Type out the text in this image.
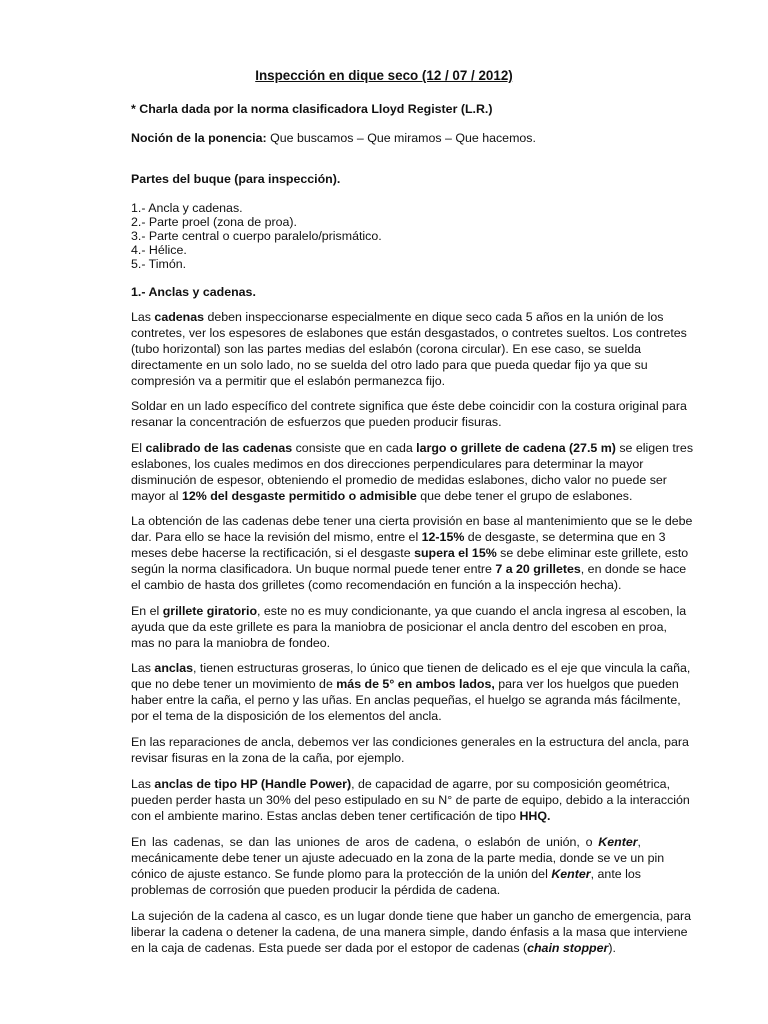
Inspección en dique seco (12 / 07 / 2012)

* Charla dada por la norma clasificadora Lloyd Register (L.R.)

Noción de la ponencia: Que buscamos – Que miramos – Que hacemos.

Partes del buque (para inspección).

1.- Ancla y cadenas.

2.- Parte proel (zona de proa).

3.- Parte central o cuerpo paralelo/prismático.

4.- Hélice.

5.- Timón.

1.- Anclas y cadenas.

Las cadenas deben inspeccionarse especialmente en dique seco cada 5 años en la unión de los

contretes, ver los espesores de eslabones que están desgastados, o contretes sueltos. Los contretes

(tubo horizontal) son las partes medias del eslabón (corona circular). En ese caso, se suelda

directamente en un solo lado, no se suelda del otro lado para que pueda quedar fijo ya que su

compresión va a permitir que el eslabón permanezca fijo.

Soldar en un lado específico del contrete significa que éste debe coincidir con la costura original para

resanar la concentración de esfuerzos que pueden producir fisuras.

El calibrado de las cadenas consiste que en cada largo o grillete de cadena (27.5 m) se eligen tres

eslabones, los cuales medimos en dos direcciones perpendiculares para determinar la mayor

disminución de espesor, obteniendo el promedio de medidas eslabones, dicho valor no puede ser

mayor al 12% del desgaste permitido o admisible que debe tener el grupo de eslabones.

La obtención de las cadenas debe tener una cierta provisión en base al mantenimiento que se le debe

dar. Para ello se hace la revisión del mismo, entre el 12-15% de desgaste, se determina que en 3

meses debe hacerse la rectificación, si el desgaste supera el 15% se debe eliminar este grillete, esto

según la norma clasificadora. Un buque normal puede tener entre 7 a 20 grilletes, en donde se hace

el cambio de hasta dos grilletes (como recomendación en función a la inspección hecha).

En el grillete giratorio, este no es muy condicionante, ya que cuando el ancla ingresa al escoben, la

ayuda que da este grillete es para la maniobra de posicionar el ancla dentro del escoben en proa,

mas no para la maniobra de fondeo.

Las anclas, tienen estructuras groseras, lo único que tienen de delicado es el eje que vincula la caña,

que no debe tener un movimiento de más de 5° en ambos lados, para ver los huelgos que pueden

haber entre la caña, el perno y las uñas. En anclas pequeñas, el huelgo se agranda más fácilmente,

por el tema de la disposición de los elementos del ancla.

En las reparaciones de ancla, debemos ver las condiciones generales en la estructura del ancla, para

revisar fisuras en la zona de la caña, por ejemplo.

Las anclas de tipo HP (Handle Power), de capacidad de agarre, por su composición geométrica,

pueden perder hasta un 30% del peso estipulado en su N° de parte de equipo, debido a la interacción

con el ambiente marino. Estas anclas deben tener certificación de tipo HHQ.

En las cadenas, se dan las uniones de aros de cadena, o eslabón de unión, o Kenter,

mecánicamente debe tener un ajuste adecuado en la zona de la parte media, donde se ve un pin

cónico de ajuste estanco. Se funde plomo para la protección de la unión del Kenter, ante los

problemas de corrosión que pueden producir la pérdida de cadena.

La sujeción de la cadena al casco, es un lugar donde tiene que haber un gancho de emergencia, para

liberar la cadena o detener la cadena, de una manera simple, dando énfasis a la masa que interviene

en la caja de cadenas. Esta puede ser dada por el estopor de cadenas (chain stopper).
